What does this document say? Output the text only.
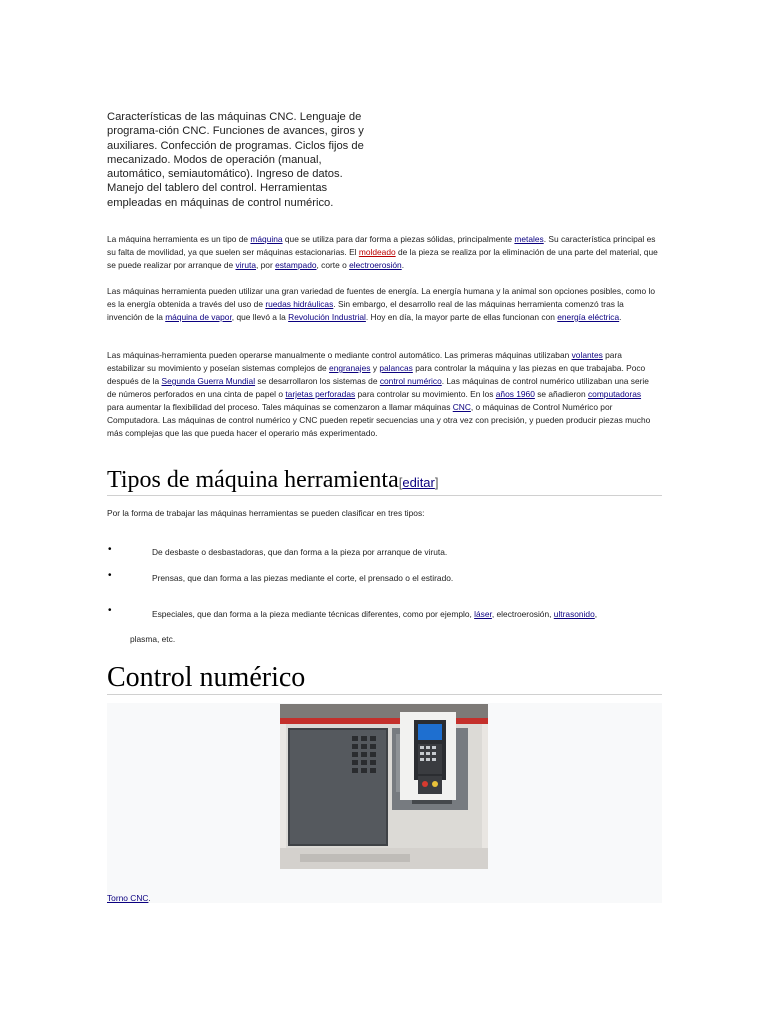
Características de las máquinas CNC. Lenguaje de programa-ción CNC. Funciones de avances, giros y auxiliares. Confección de programas. Ciclos fijos de mecanizado. Modos de operación (manual, automático, semiautomático). Ingreso de datos. Manejo del tablero del control. Herramientas empleadas en máquinas de control numérico.
La máquina herramienta es un tipo de máquina que se utiliza para dar forma a piezas sólidas, principalmente metales. Su característica principal es su falta de movilidad, ya que suelen ser máquinas estacionarias. El moldeado de la pieza se realiza por la eliminación de una parte del material, que se puede realizar por arranque de viruta, por estampado, corte o electroerosión.
Las máquinas herramienta pueden utilizar una gran variedad de fuentes de energía. La energía humana y la animal son opciones posibles, como lo es la energía obtenida a través del uso de ruedas hidráulicas. Sin embargo, el desarrollo real de las máquinas herramienta comenzó tras la invención de la máquina de vapor, que llevó a la Revolución Industrial. Hoy en día, la mayor parte de ellas funcionan con energía eléctrica.
Las máquinas-herramienta pueden operarse manualmente o mediante control automático. Las primeras máquinas utilizaban volantes para estabilizar su movimiento y poseían sistemas complejos de engranajes y palancas para controlar la máquina y las piezas en que trabajaba. Poco después de la Segunda Guerra Mundial se desarrollaron los sistemas de control numérico. Las máquinas de control numérico utilizaban una serie de números perforados en una cinta de papel o tarjetas perforadas para controlar su movimiento. En los años 1960 se añadieron computadoras para aumentar la flexibilidad del proceso. Tales máquinas se comenzaron a llamar máquinas CNC, o máquinas de Control Numérico por Computadora. Las máquinas de control numérico y CNC pueden repetir secuencias una y otra vez con precisión, y pueden producir piezas mucho más complejas que las que pueda hacer el operario más experimentado.
Tipos de máquina herramienta[editar]
Por la forma de trabajar las máquinas herramientas se pueden clasificar en tres tipos:
•	De desbaste o desbastadoras, que dan forma a la pieza por arranque de viruta.
•	Prensas, que dan forma a las piezas mediante el corte, el prensado o el estirado.
•	Especiales, que dan forma a la pieza mediante técnicas diferentes, como por ejemplo, láser, electroerosión, ultrasonido,
plasma, etc.
Control numérico
Torno CNC.
